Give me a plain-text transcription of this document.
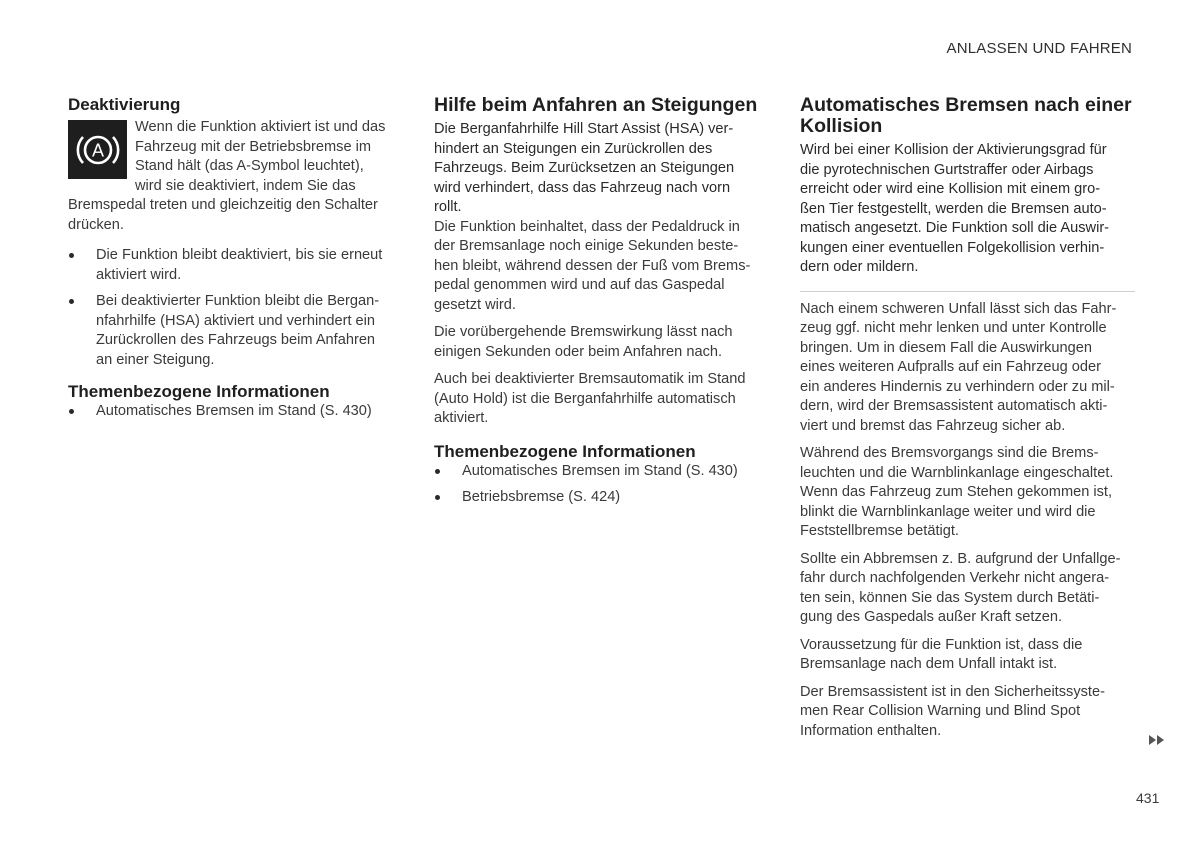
ANLASSEN UND FAHREN
Deaktivierung
A

Wenn die Funktion aktiviert ist und das
Fahrzeug mit der Betriebsbremse im
Stand hält (das A-Symbol leuchtet),
wird sie deaktiviert, indem Sie das
Bremspedal treten und gleichzeitig den Schalter
drücken.

Die Funktion bleibt deaktiviert, bis sie erneut
aktiviert wird.
Bei deaktivierter Funktion bleibt die Bergan-
nfahrhilfe (HSA) aktiviert und verhindert ein
Zurückrollen des Fahrzeugs beim Anfahren
an einer Steigung.
Themenbezogene Informationen
Automatisches Bremsen im Stand (S. 430)
Hilfe beim Anfahren an Steigungen

Die Berganfahrhilfe Hill Start Assist (HSA) ver-
hindert an Steigungen ein Zurückrollen des
Fahrzeugs. Beim Zurücksetzen an Steigungen
wird verhindert, dass das Fahrzeug nach vorn
rollt.

Die Funktion beinhaltet, dass der Pedaldruck in
der Bremsanlage noch einige Sekunden beste-
hen bleibt, während dessen der Fuß vom Brems-
pedal genommen wird und auf das Gaspedal
gesetzt wird.

Die vorübergehende Bremswirkung lässt nach
einigen Sekunden oder beim Anfahren nach.

Auch bei deaktivierter Bremsautomatik im Stand
(Auto Hold) ist die Berganfahrhilfe automatisch
aktiviert.

Themenbezogene Informationen
Automatisches Bremsen im Stand (S. 430)
Betriebsbremse (S. 424)
Automatisches Bremsen nach einer
Kollision

Wird bei einer Kollision der Aktivierungsgrad für
die pyrotechnischen Gurtstraffer oder Airbags
erreicht oder wird eine Kollision mit einem gro-
ßen Tier festgestellt, werden die Bremsen auto-
matisch angesetzt. Die Funktion soll die Auswir-
kungen einer eventuellen Folgekollision verhin-
dern oder mildern.

Nach einem schweren Unfall lässt sich das Fahr-
zeug ggf. nicht mehr lenken und unter Kontrolle
bringen. Um in diesem Fall die Auswirkungen
eines weiteren Aufpralls auf ein Fahrzeug oder
ein anderes Hindernis zu verhindern oder zu mil-
dern, wird der Bremsassistent automatisch akti-
viert und bremst das Fahrzeug sicher ab.

Während des Bremsvorgangs sind die Brems-
leuchten und die Warnblinkanlage eingeschaltet.
Wenn das Fahrzeug zum Stehen gekommen ist,
blinkt die Warnblinkanlage weiter und wird die
Feststellbremse betätigt.

Sollte ein Abbremsen z. B. aufgrund der Unfallge-
fahr durch nachfolgenden Verkehr nicht angera-
ten sein, können Sie das System durch Betäti-
gung des Gaspedals außer Kraft setzen.

Voraussetzung für die Funktion ist, dass die
Bremsanlage nach dem Unfall intakt ist.

Der Bremsassistent ist in den Sicherheitssyste-
men Rear Collision Warning und Blind Spot
Information enthalten.

431
